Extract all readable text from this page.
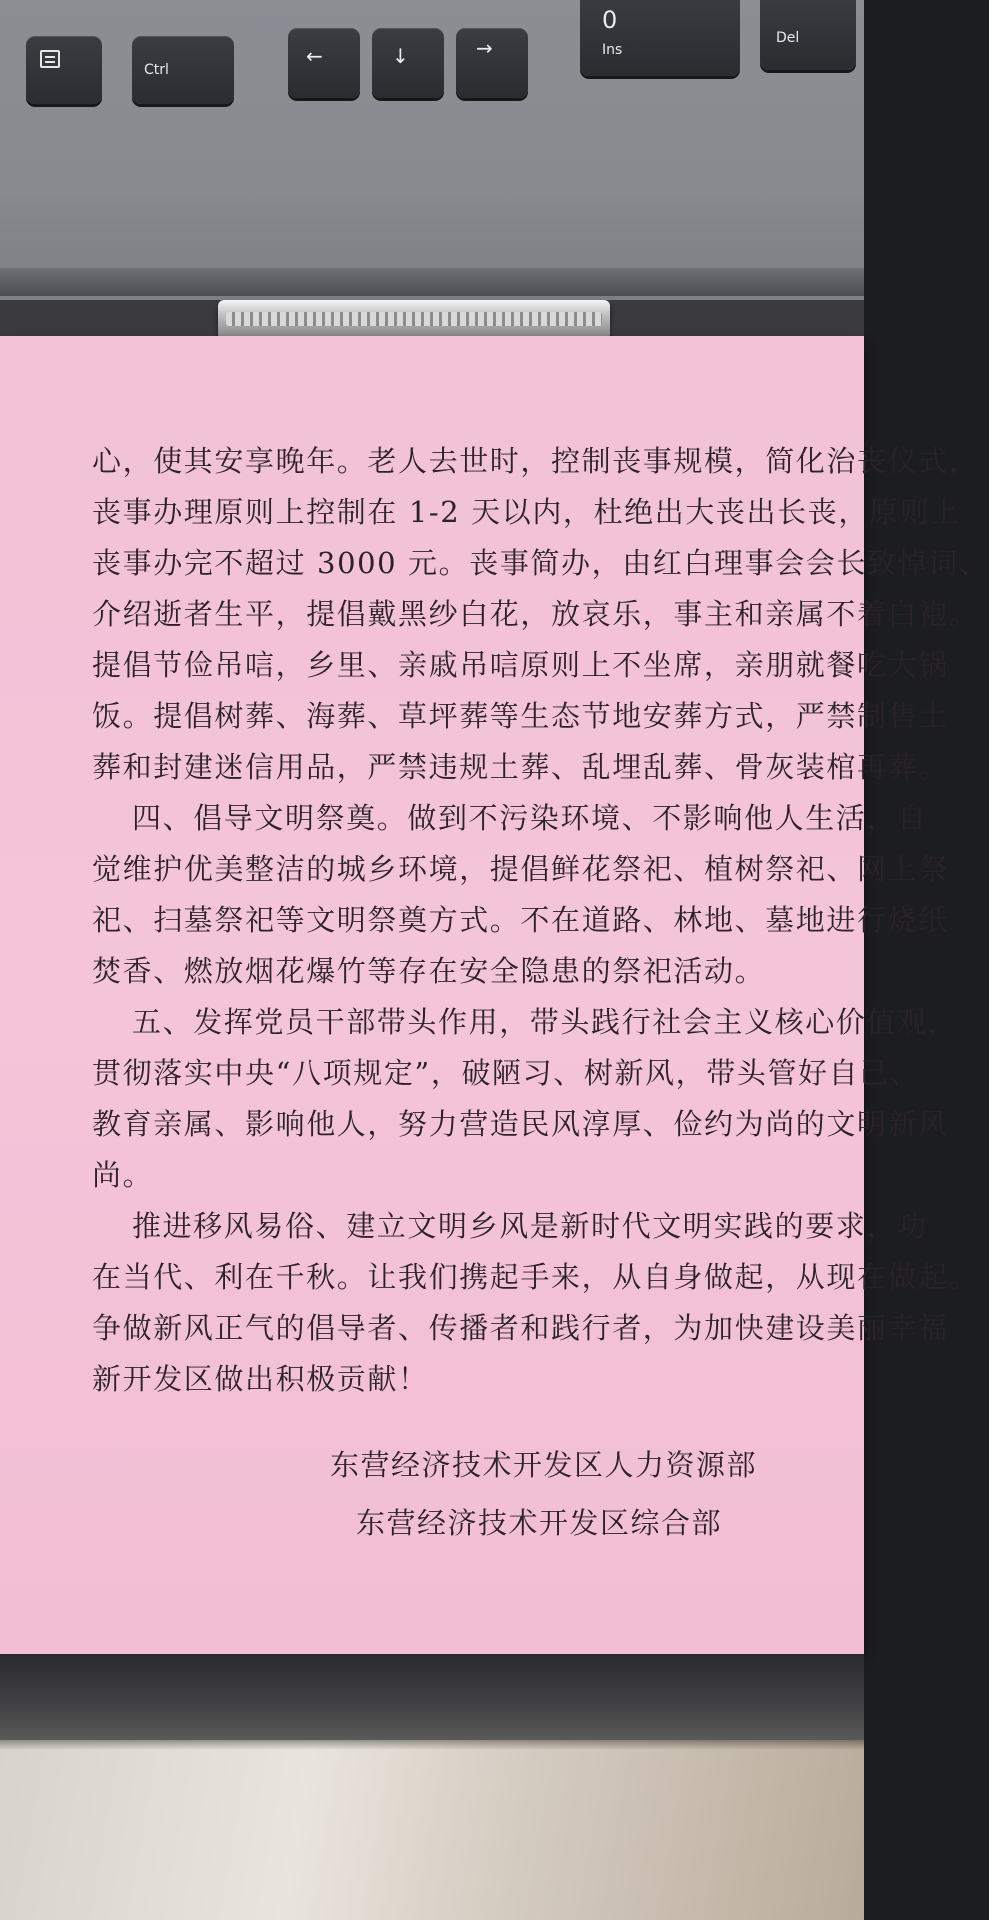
Ctrl
←	↓	→
0
Ins
Del
心，使其安享晚年。老人去世时，控制丧事规模，简化治丧仪式，
丧事办理原则上控制在 1-2 天以内，杜绝出大丧出长丧，原则上
丧事办完不超过 3000 元。丧事简办，由红白理事会会长致悼词、
介绍逝者生平，提倡戴黑纱白花，放哀乐，事主和亲属不着白袍。
提倡节俭吊唁，乡里、亲戚吊唁原则上不坐席，亲朋就餐吃大锅
饭。提倡树葬、海葬、草坪葬等生态节地安葬方式，严禁制售土
葬和封建迷信用品，严禁违规土葬、乱埋乱葬、骨灰装棺再葬。
四、倡导文明祭奠。做到不污染环境、不影响他人生活，自
觉维护优美整洁的城乡环境，提倡鲜花祭祀、植树祭祀、网上祭
祀、扫墓祭祀等文明祭奠方式。不在道路、林地、墓地进行烧纸
焚香、燃放烟花爆竹等存在安全隐患的祭祀活动。
五、发挥党员干部带头作用，带头践行社会主义核心价值观，
贯彻落实中央“八项规定”，破陋习、树新风，带头管好自己、
教育亲属、影响他人，努力营造民风淳厚、俭约为尚的文明新风
尚。
推进移风易俗、建立文明乡风是新时代文明实践的要求，功
在当代、利在千秋。让我们携起手来，从自身做起，从现在做起。
争做新风正气的倡导者、传播者和践行者，为加快建设美丽幸福
新开发区做出积极贡献！
东营经济技术开发区人力资源部
东营经济技术开发区综合部
